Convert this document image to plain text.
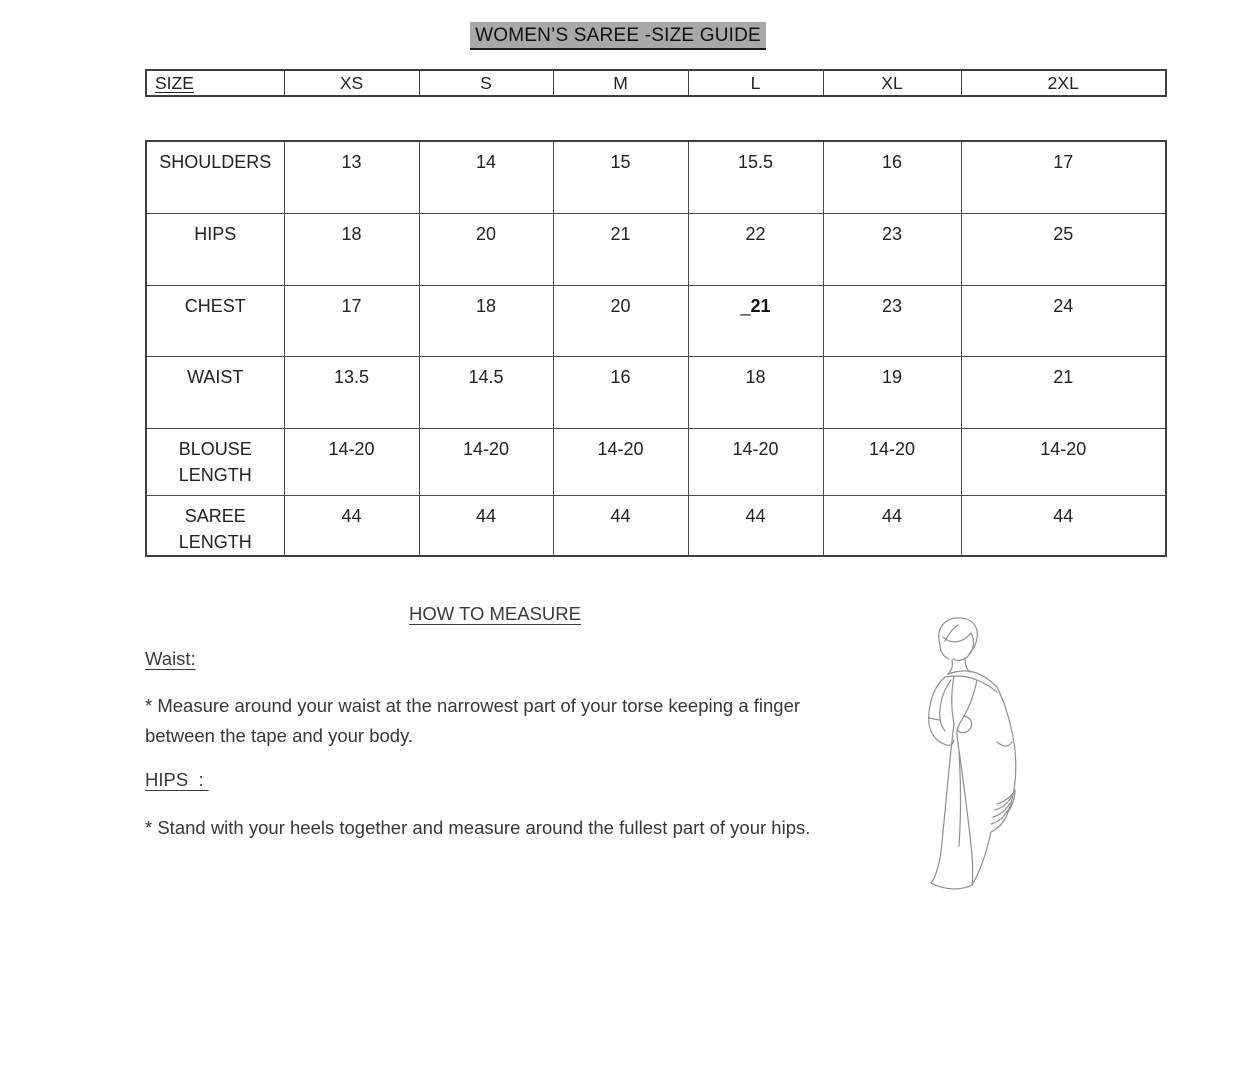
WOMEN’S SAREE -SIZE GUIDE
SIZE	XS	S	M	L	XL	2XL
SHOULDERS	13	14	15	15.5	16	17
HIPS	18	20	21	22	23	25
CHEST	17	18	20	_21	23	24
WAIST	13.5	14.5	16	18	19	21
BLOUSE LENGTH	14-20	14-20	14-20	14-20	14-20	14-20
SAREE LENGTH	44	44	44	44	44	44
HOW TO MEASURE
Waist:
* Measure around your waist at the narrowest part of your torse keeping a finger between the tape and your body.
HIPS  :
* Stand with your heels together and measure around the fullest part of your hips.
